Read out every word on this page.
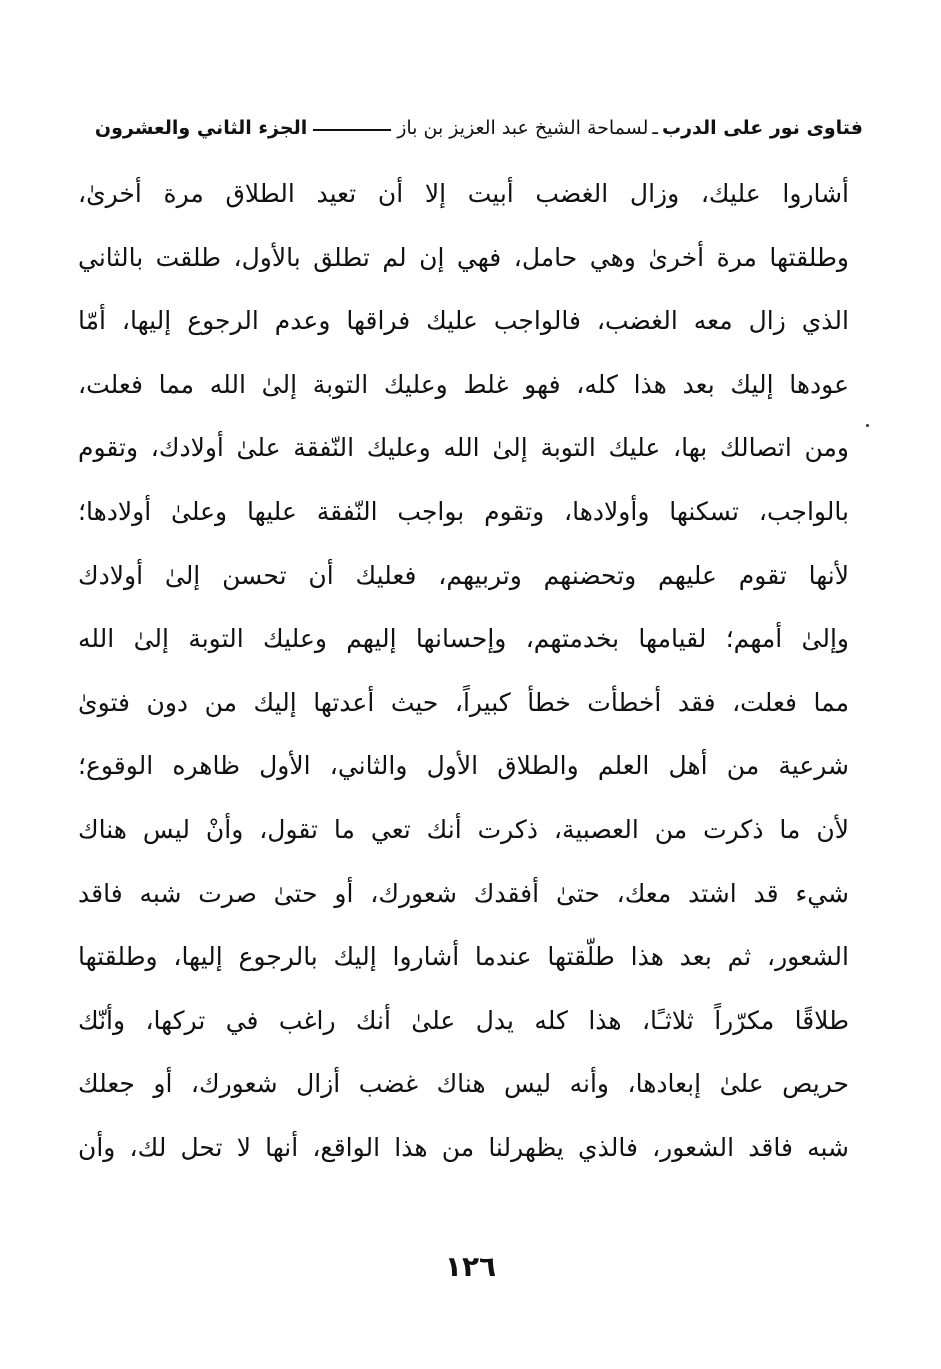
فتاوى نور على الدرب
ـ
لسماحة الشيخ عبد العزيز بن باز
الجزء الثاني والعشرون
أشاروا عليك، وزال الغضب أبيت إلا أن تعيد الطلاق مرة أخرىٰ،
وطلقتها مرة أخرىٰ وهي حامل، فهي إن لم تطلق بالأول، طلقت بالثاني
الذي زال معه الغضب، فالواجب عليك فراقها وعدم الرجوع إليها، أمّا
عودها إليك بعد هذا كله، فهو غلط وعليك التوبة إلىٰ الله مما فعلت،
ومن اتصالك بها، عليك التوبة إلىٰ الله وعليك النّفقة علىٰ أولادك، وتقوم
بالواجب، تسكنها وأولادها، وتقوم بواجب النّفقة عليها وعلىٰ أولادها؛
لأنها تقوم عليهم وتحضنهم وتربيهم، فعليك أن تحسن إلىٰ أولادك
وإلىٰ أمهم؛ لقيامها بخدمتهم، وإحسانها إليهم وعليك التوبة إلىٰ الله
مما فعلت، فقد أخطأت خطأ كبيراً، حيث أعدتها إليك من دون فتوىٰ
شرعية من أهل العلم والطلاق الأول والثاني، الأول ظاهره الوقوع؛
لأن ما ذكرت من العصبية، ذكرت أنك تعي ما تقول، وأنْ ليس هناك
شيء قد اشتد معك، حتىٰ أفقدك شعورك، أو حتىٰ صرت شبه فاقد
الشعور، ثم بعد هذا طلّقتها عندما أشاروا إليك بالرجوع إليها، وطلقتها
طلاقًا مكرّراً ثلاثـًا، هذا كله يدل علىٰ أنك راغب في تركها، وأنّك
حريص علىٰ إبعادها، وأنه ليس هناك غضب أزال شعورك، أو جعلك
شبه فاقد الشعور، فالذي يظهرلنا من هذا الواقع، أنها لا تحل لك، وأن
١٢٦
